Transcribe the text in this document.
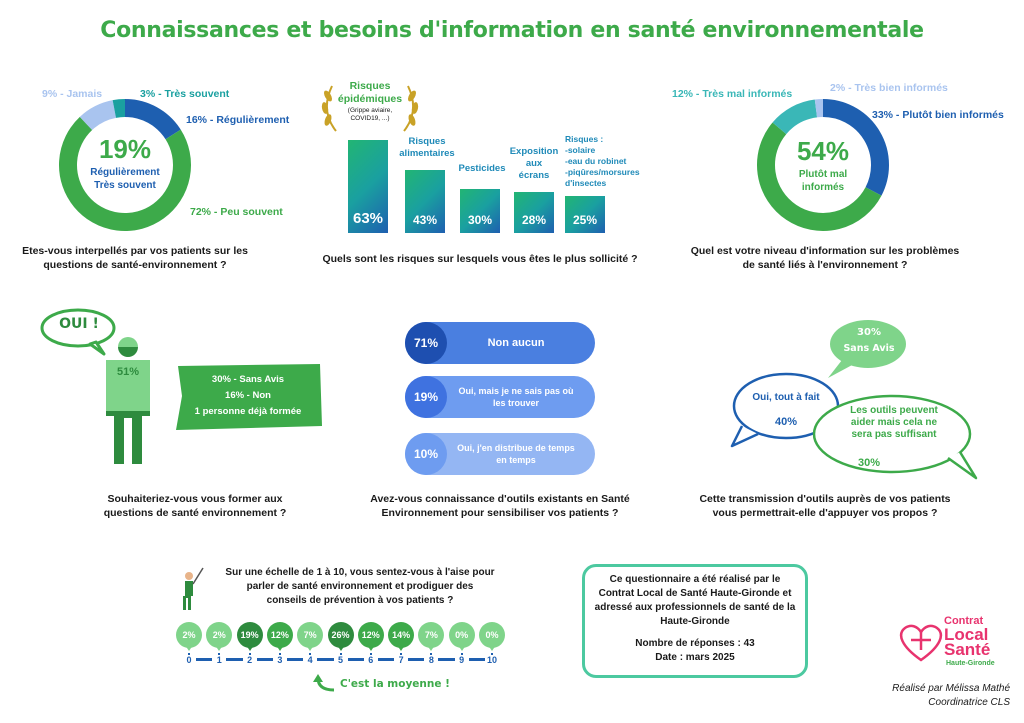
Connaissances et besoins d'information en santé environnementale
19%
Régulièrement
Très souvent
9% - Jamais	3% - Très souvent
16% - Régulièrement
72% - Peu souvent
Etes-vous interpellés par vos patients sur les questions de santé-environnement ?
Risques
épidémiques
(Grippe aviaire,
COVID19, ...)
63% 43%	30% 28% 25%
Risques
alimentaires
Pesticides
Exposition
aux
écrans
Risques :
-solaire
-eau du robinet
-piqûres/morsures
d'insectes
Quels sont les risques sur lesquels vous êtes le plus sollicité ?
54%
Plutôt mal
informés
12% - Très mal informés	2% - Très bien informés
33% - Plutôt bien informés
Quel est votre niveau d'information sur les problèmes de santé liés à l'environnement ?
OUI !
51%
30% - Sans Avis
16% - Non
1 personne déjà formée
Souhaiteriez-vous vous former aux questions de santé environnement ?
71%	Non aucun
19%	Oui, mais je ne sais pas où
les trouver
10%	Oui, j'en distribue de temps
en temps
Avez-vous connaissance d'outils existants en Santé Environnement pour sensibiliser vos patients ?
30%
Sans Avis
Oui, tout à fait
40%
Les outils peuvent
aider mais cela ne
sera pas suffisant
30%
Cette transmission d'outils auprès de vos patients vous permettrait-elle d'appuyer vos propos ?
Sur une échelle de 1 à 10, vous sentez-vous à l'aise pour
parler de santé environnement et prodiguer des
conseils de prévention à vos patients ?
2%
0
2%
1
19%
2
12%
3
7%
4
26%
5
12%
6
14%
7
7%
8
0%
9
0%
10
C'est la moyenne !
Ce questionnaire a été réalisé par le
Contrat Local de Santé Haute-Gironde et
adressé aux professionnels de santé de la
Haute-Gironde
Nombre de réponses : 43
Date : mars 2025
Contrat
Local
Santé
Haute-Gironde
Réalisé par Mélissa Mathé
Coordinatrice CLS
